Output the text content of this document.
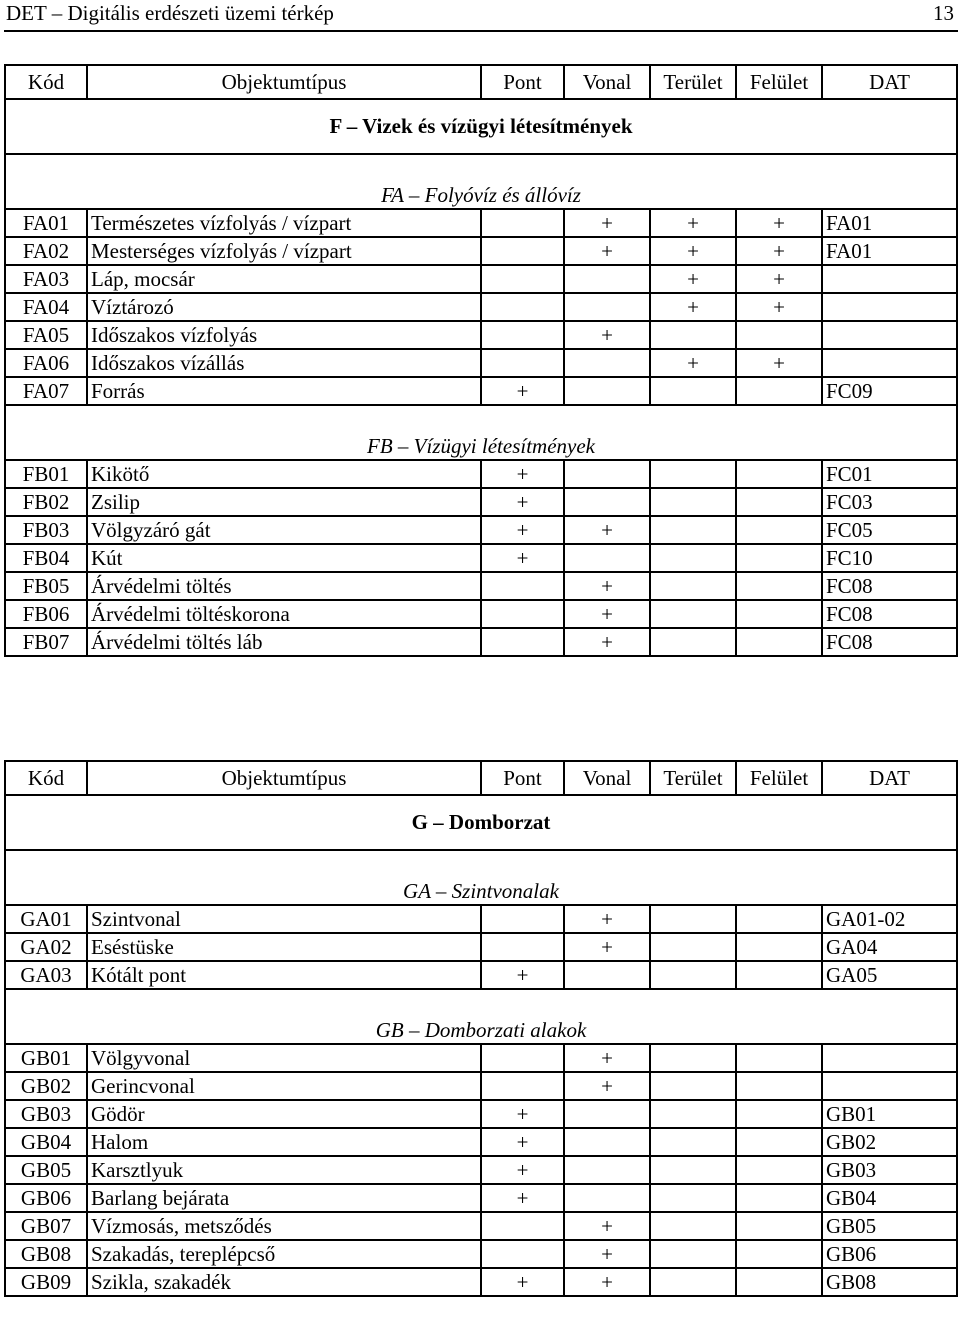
DET – Digitális erdészeti üzemi térkép	13
Kód	Objektumtípus	Pont	Vonal	Terület	Felület	DAT
F – Vizek és vízügyi létesítmények						
FA – Folyóvíz és állóvíz						
FA01	Természetes vízfolyás / vízpart		+	+	+	FA01
FA02	Mesterséges vízfolyás / vízpart		+	+	+	FA01
FA03	Láp, mocsár			+	+	
FA04	Víztározó			+	+	
FA05	Időszakos vízfolyás		+			
FA06	Időszakos vízállás			+	+	
FA07	Forrás	+				FC09
FB – Vízügyi létesítmények						
FB01	Kikötő	+				FC01
FB02	Zsilip	+				FC03
FB03	Völgyzáró gát	+	+			FC05
FB04	Kút	+				FC10
FB05	Árvédelmi töltés		+			FC08
FB06	Árvédelmi töltéskorona		+			FC08
FB07	Árvédelmi töltés láb		+			FC08
Kód	Objektumtípus	Pont	Vonal	Terület	Felület	DAT
G – Domborzat						
GA – Szintvonalak						
GA01	Szintvonal		+			GA01-02
GA02	Eséstüske		+			GA04
GA03	Kótált pont	+				GA05
GB – Domborzati alakok						
GB01	Völgyvonal		+			
GB02	Gerincvonal		+			
GB03	Gödör	+				GB01
GB04	Halom	+				GB02
GB05	Karsztlyuk	+				GB03
GB06	Barlang bejárata	+				GB04
GB07	Vízmosás, metsződés		+			GB05
GB08	Szakadás, tereplépcső		+			GB06
GB09	Szikla, szakadék	+	+			GB08
